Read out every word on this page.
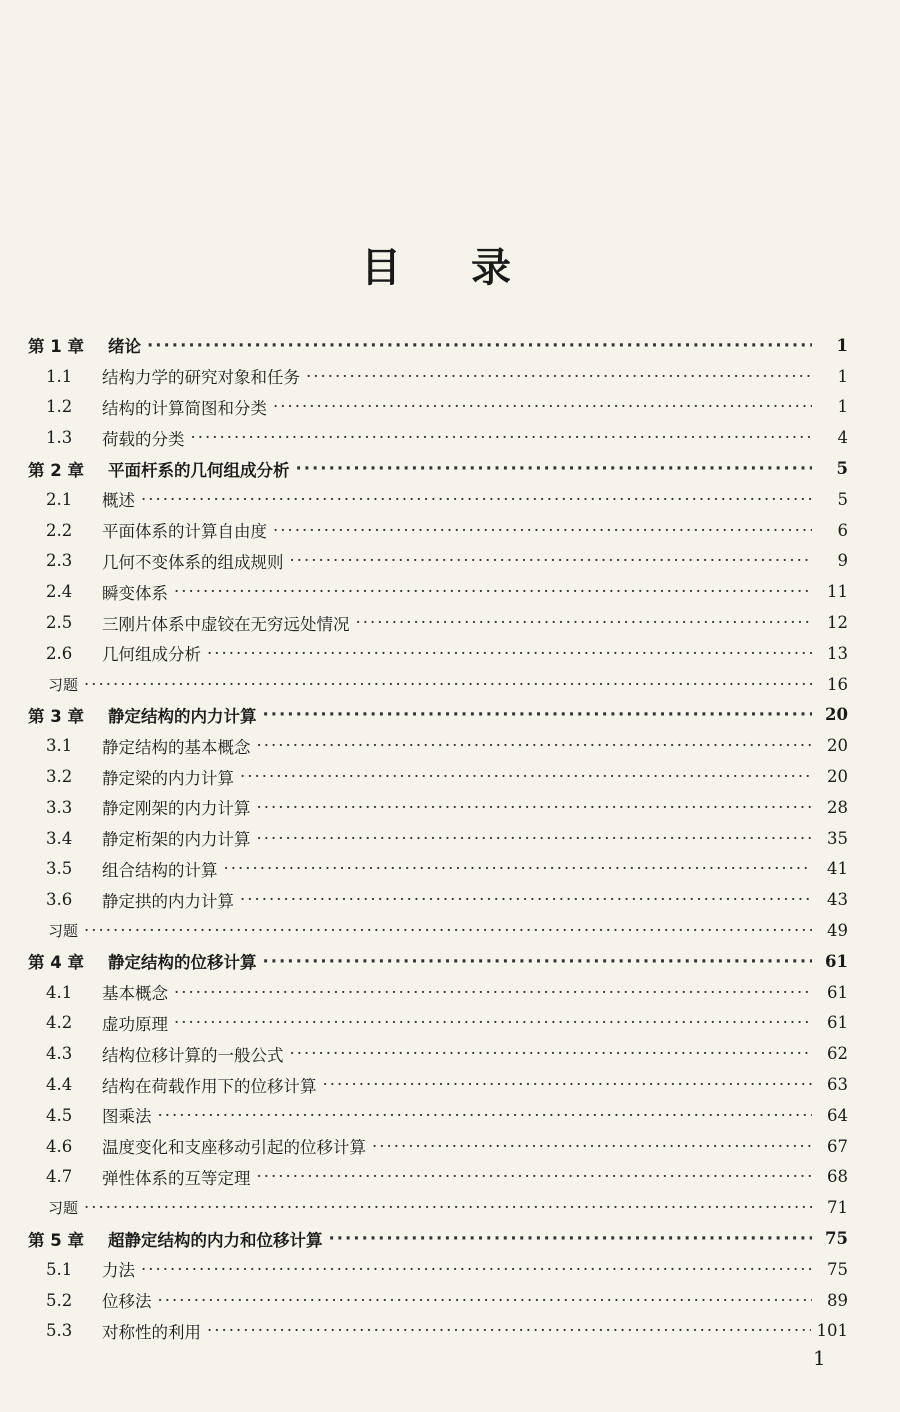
目 录
第 1 章	绪论 ·····	1
1.1	结构力学的研究对象和任务 ·····	1
1.2	结构的计算简图和分类 ·····	1
1.3	荷载的分类 ·····	4
第 2 章	平面杆系的几何组成分析 ·····	5
2.1	概述 ·····	5
2.2	平面体系的计算自由度 ·····	6
2.3	几何不变体系的组成规则 ·····	9
2.4	瞬变体系 ·····	11
2.5	三刚片体系中虚铰在无穷远处情况 ·····	12
2.6	几何组成分析 ·····	13
习题 ·····	16
第 3 章	静定结构的内力计算 ·····	20
3.1	静定结构的基本概念 ·····	20
3.2	静定梁的内力计算 ·····	20
3.3	静定刚架的内力计算 ·····	28
3.4	静定桁架的内力计算 ·····	35
3.5	组合结构的计算 ·····	41
3.6	静定拱的内力计算 ·····	43
习题 ·····	49
第 4 章	静定结构的位移计算 ·····	61
4.1	基本概念 ·····	61
4.2	虚功原理 ·····	61
4.3	结构位移计算的一般公式 ·····	62
4.4	结构在荷载作用下的位移计算 ·····	63
4.5	图乘法 ·····	64
4.6	温度变化和支座移动引起的位移计算 ·····	67
4.7	弹性体系的互等定理 ·····	68
习题 ·····	71
第 5 章	超静定结构的内力和位移计算 ·····	75
5.1	力法 ·····	75
5.2	位移法 ·····	89
5.3	对称性的利用 ·····	101
1
